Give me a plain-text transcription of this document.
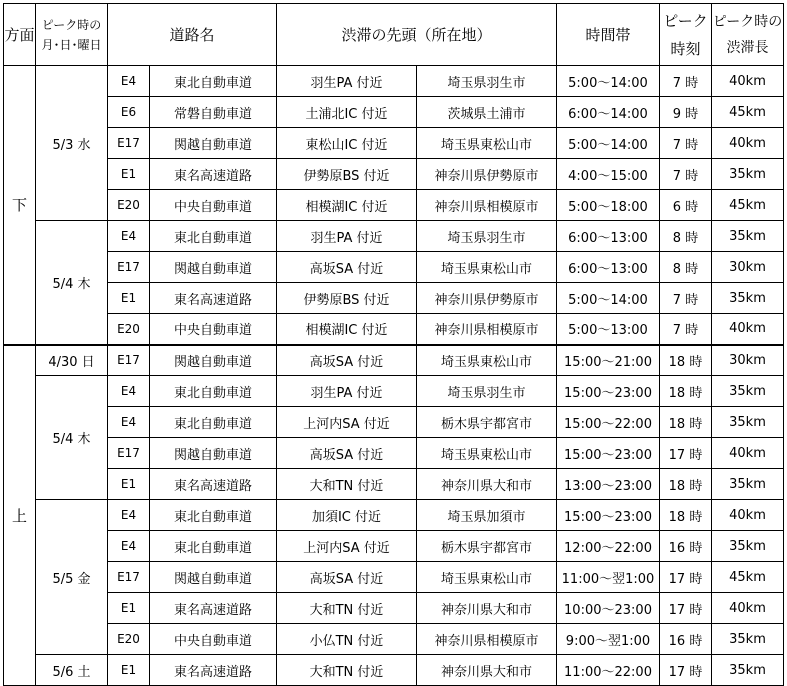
方面	ピーク時の月･日･曜日	道路名		渋滞の先頭（所在地）		時間帯	ピーク時刻	ピーク時の渋滞長
下	5/3 水	E4	東北自動車道	羽生PA 付近	埼玉県羽生市	5:00～14:00	7 時	40km
		E6	常磐自動車道	土浦北IC 付近	茨城県土浦市	6:00～14:00	9 時	45km
		E17	関越自動車道	東松山IC 付近	埼玉県東松山市	5:00～14:00	7 時	40km
		E1	東名高速道路	伊勢原BS 付近	神奈川県伊勢原市	4:00～15:00	7 時	35km
		E20	中央自動車道	相模湖IC 付近	神奈川県相模原市	5:00～18:00	6 時	45km
	5/4 木	E4	東北自動車道	羽生PA 付近	埼玉県羽生市	6:00～13:00	8 時	35km
		E17	関越自動車道	高坂SA 付近	埼玉県東松山市	6:00～13:00	8 時	30km
		E1	東名高速道路	伊勢原BS 付近	神奈川県伊勢原市	5:00～14:00	7 時	35km
		E20	中央自動車道	相模湖IC 付近	神奈川県相模原市	5:00～13:00	7 時	40km
上	4/30 日	E17	関越自動車道	高坂SA 付近	埼玉県東松山市	15:00～21:00	18 時	30km
	5/4 木	E4	東北自動車道	羽生PA 付近	埼玉県羽生市	15:00～23:00	18 時	35km
		E4	東北自動車道	上河内SA 付近	栃木県宇都宮市	15:00～22:00	18 時	35km
		E17	関越自動車道	高坂SA 付近	埼玉県東松山市	15:00～23:00	17 時	40km
		E1	東名高速道路	大和TN 付近	神奈川県大和市	13:00～23:00	18 時	35km
	5/5 金	E4	東北自動車道	加須IC 付近	埼玉県加須市	15:00～23:00	18 時	40km
		E4	東北自動車道	上河内SA 付近	栃木県宇都宮市	12:00～22:00	16 時	35km
		E17	関越自動車道	高坂SA 付近	埼玉県東松山市	11:00～翌1:00	17 時	45km
		E1	東名高速道路	大和TN 付近	神奈川県大和市	10:00～23:00	17 時	40km
		E20	中央自動車道	小仏TN 付近	神奈川県相模原市	9:00～翌1:00	16 時	35km
	5/6 土	E1	東名高速道路	大和TN 付近	神奈川県大和市	11:00～22:00	17 時	35km
